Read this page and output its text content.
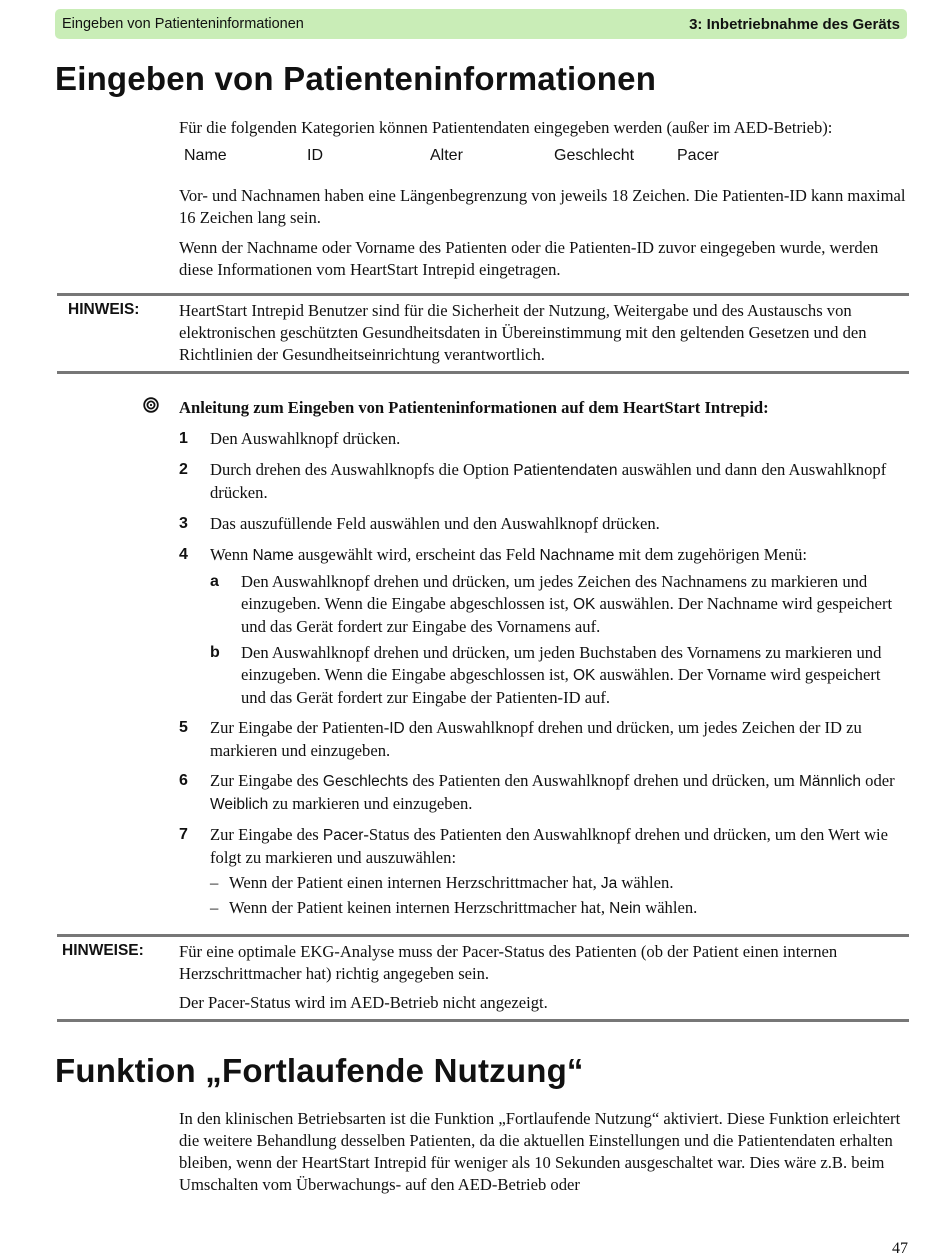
Eingeben von Patienteninformationen	3: Inbetriebnahme des Geräts
Eingeben von Patienteninformationen

Für die folgenden Kategorien können Patientendaten eingegeben werden (außer im AED-Betrieb):

Name	ID	Alter	Geschlecht	Pacer

Vor- und Nachnamen haben eine Längenbegrenzung von jeweils 18 Zeichen. Die Patienten-ID kann maximal 16 Zeichen lang sein.

Wenn der Nachname oder Vorname des Patienten oder die Patienten-ID zuvor eingegeben wurde, werden diese Informationen vom HeartStart Intrepid eingetragen.

HINWEIS: HeartStart Intrepid Benutzer sind für die Sicherheit der Nutzung, Weitergabe und des Austauschs von elektronischen geschützten Gesundheitsdaten in Übereinstimmung mit den geltenden Gesetzen und den Richtlinien der Gesundheitseinrichtung verantwortlich.

Anleitung zum Eingeben von Patienteninformationen auf dem HeartStart Intrepid:
1 Den Auswahlknopf drücken.
2 Durch drehen des Auswahlknopfs die Option Patientendaten auswählen und dann den Auswahlknopf drücken.
3 Das auszufüllende Feld auswählen und den Auswahlknopf drücken.
4 Wenn Name ausgewählt wird, erscheint das Feld Nachname mit dem zugehörigen Menü:
a Den Auswahlknopf drehen und drücken, um jedes Zeichen des Nachnamens zu markieren und einzugeben. Wenn die Eingabe abgeschlossen ist, OK auswählen. Der Nachname wird gespeichert und das Gerät fordert zur Eingabe des Vornamens auf.
b Den Auswahlknopf drehen und drücken, um jeden Buchstaben des Vornamens zu markieren und einzugeben. Wenn die Eingabe abgeschlossen ist, OK auswählen. Der Vorname wird gespeichert und das Gerät fordert zur Eingabe der Patienten-ID auf.
5 Zur Eingabe der Patienten-ID den Auswahlknopf drehen und drücken, um jedes Zeichen der ID zu markieren und einzugeben.
6 Zur Eingabe des Geschlechts des Patienten den Auswahlknopf drehen und drücken, um Männlich oder Weiblich zu markieren und einzugeben.
7 Zur Eingabe des Pacer-Status des Patienten den Auswahlknopf drehen und drücken, um den Wert wie folgt zu markieren und auszuwählen:
– Wenn der Patient einen internen Herzschrittmacher hat, Ja wählen.
– Wenn der Patient keinen internen Herzschrittmacher hat, Nein wählen.
HINWEISE: Für eine optimale EKG-Analyse muss der Pacer-Status des Patienten (ob der Patient einen internen Herzschrittmacher hat) richtig angegeben sein.

Der Pacer-Status wird im AED-Betrieb nicht angezeigt.

Funktion „Fortlaufende Nutzung“

In den klinischen Betriebsarten ist die Funktion „Fortlaufende Nutzung“ aktiviert. Diese Funktion erleichtert die weitere Behandlung desselben Patienten, da die aktuellen Einstellungen und die Patientendaten erhalten bleiben, wenn der HeartStart Intrepid für weniger als 10 Sekunden ausgeschaltet war. Dies wäre z.B. beim Umschalten vom Überwachungs- auf den AED-Betrieb oder

47
